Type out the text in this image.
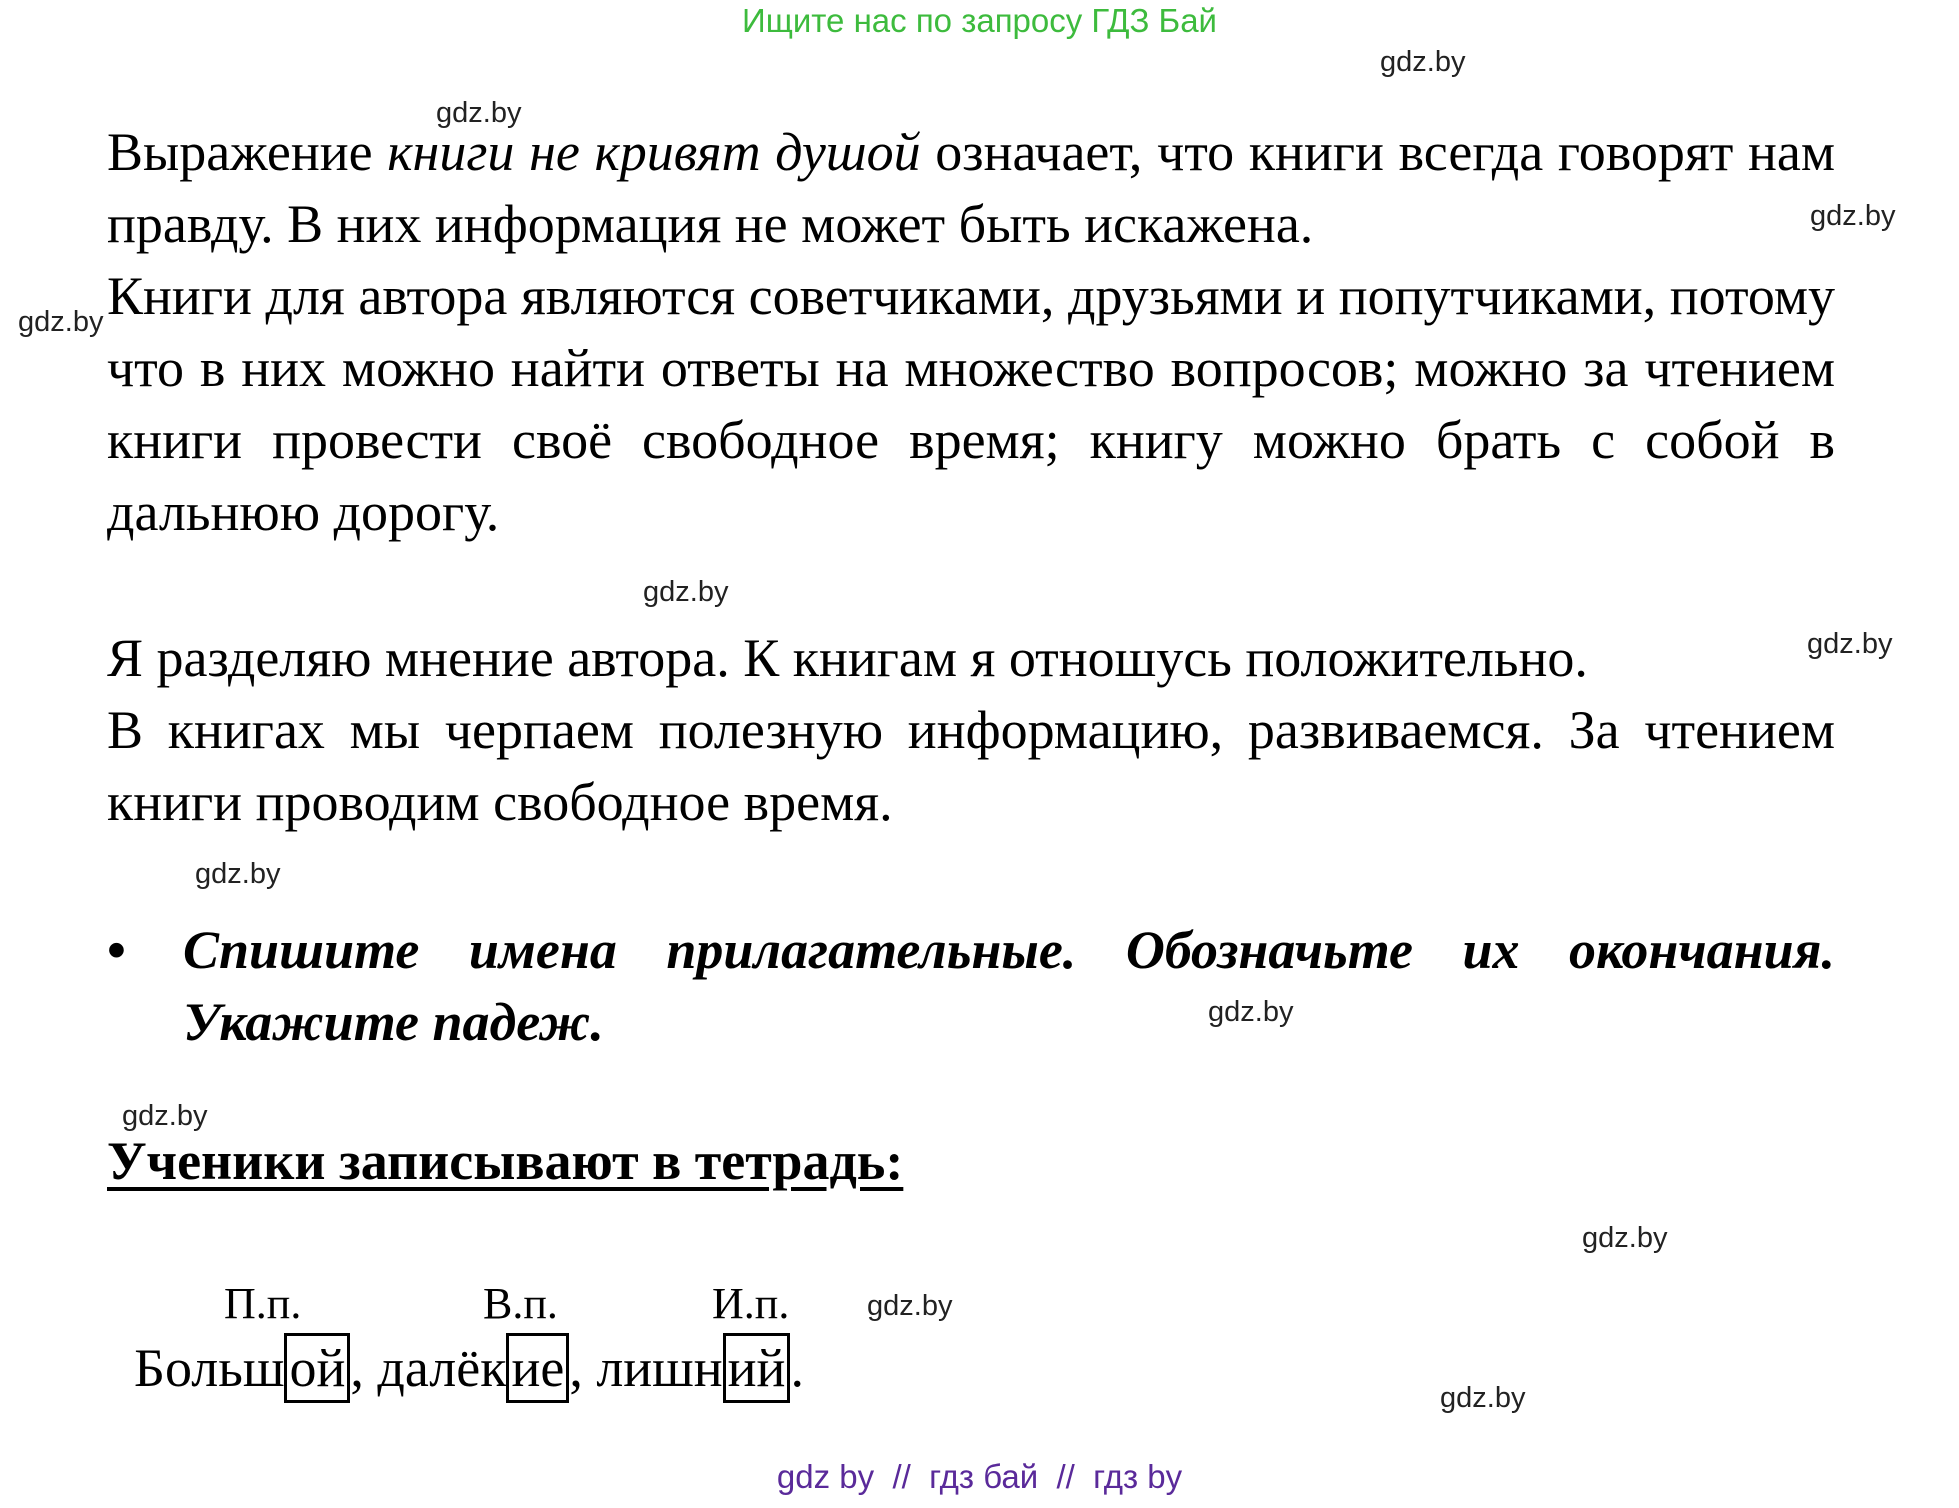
Ищите нас по запросу ГДЗ Бай
gdz.by
gdz.by
gdz.by
gdz.by
gdz.by
gdz.by
gdz.by
gdz.by
gdz.by
gdz.by
gdz.by
gdz.by

Выражение книги не кривят душой означает, что книги всегда говорят нам правду. В них информация не может быть искажена.

Книги для автора являются советчиками, друзьями и попутчиками, потому что в них можно найти ответы на множество вопросов; можно за чтением книги провести своё свободное время; книгу можно брать с собой в дальнюю дорогу.

Я разделяю мнение автора. К книгам я отношусь положительно.

В книгах мы черпаем полезную информацию, развиваемся. За чтением книги проводим свободное время.

• Спишите имена прилагательные. Обозначьте их окончания. Укажите падеж.
Ученики записывают в тетрадь:
П.п.	В.п.	И.п.
Большой, далёкие, лишний.
gdz by  //  гдз бай  //  гдз by
